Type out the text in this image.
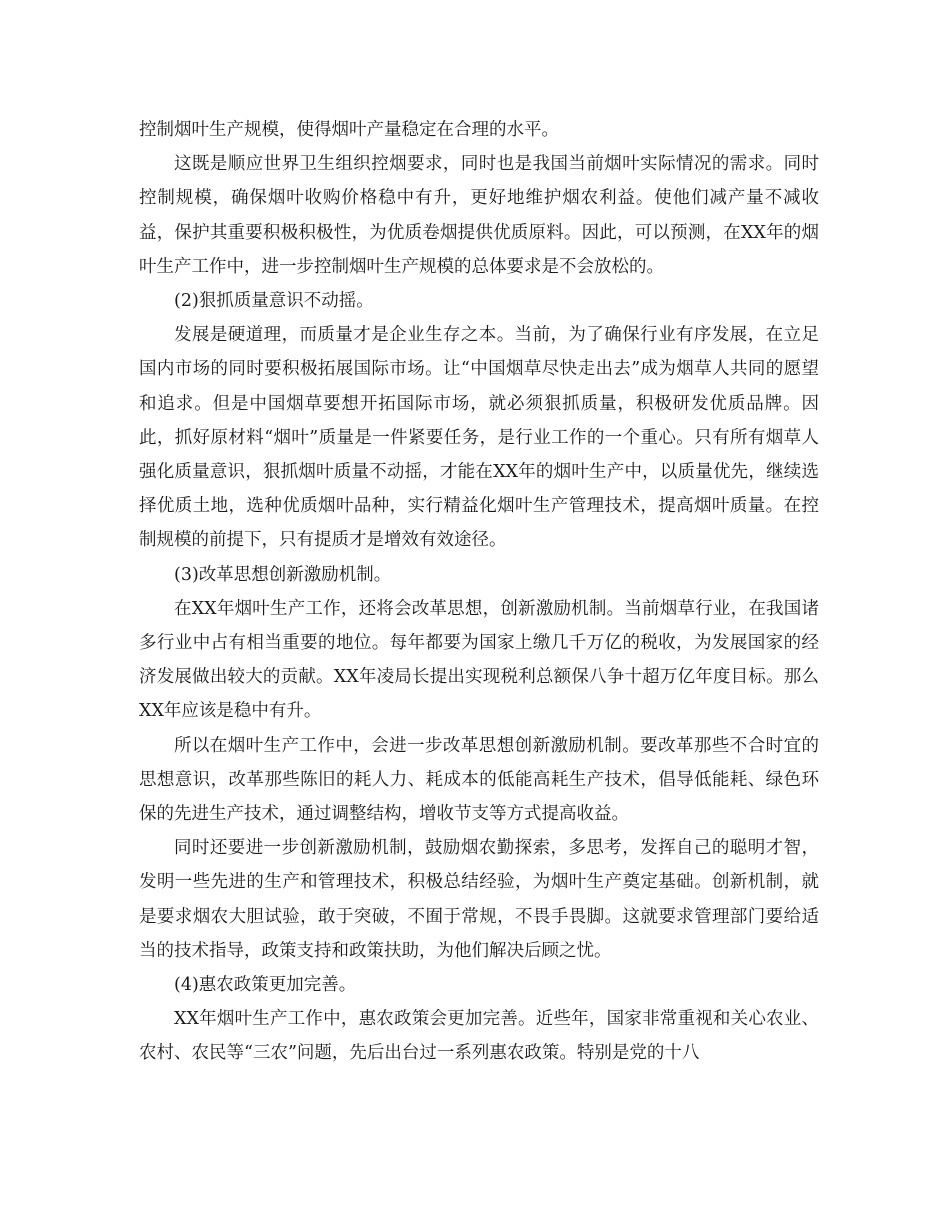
控制烟叶生产规模，使得烟叶产量稳定在合理的水平。

这既是顺应世界卫生组织控烟要求，同时也是我国当前烟叶实际情况的需求。同时控制规模，确保烟叶收购价格稳中有升，更好地维护烟农利益。使他们减产量不减收益，保护其重要积极积极性，为优质卷烟提供优质原料。因此，可以预测，在XX年的烟叶生产工作中，进一步控制烟叶生产规模的总体要求是不会放松的。

(2)狠抓质量意识不动摇。

发展是硬道理，而质量才是企业生存之本。当前，为了确保行业有序发展，在立足国内市场的同时要积极拓展国际市场。让“中国烟草尽快走出去”成为烟草人共同的愿望和追求。但是中国烟草要想开拓国际市场，就必须狠抓质量，积极研发优质品牌。因此，抓好原材料“烟叶”质量是一件紧要任务，是行业工作的一个重心。只有所有烟草人强化质量意识，狠抓烟叶质量不动摇，才能在XX年的烟叶生产中，以质量优先，继续选择优质土地，选种优质烟叶品种，实行精益化烟叶生产管理技术，提高烟叶质量。在控制规模的前提下，只有提质才是增效有效途径。

(3)改革思想创新激励机制。

在XX年烟叶生产工作，还将会改革思想，创新激励机制。当前烟草行业，在我国诸多行业中占有相当重要的地位。每年都要为国家上缴几千万亿的税收，为发展国家的经济发展做出较大的贡献。XX年凌局长提出实现税利总额保八争十超万亿年度目标。那么XX年应该是稳中有升。

所以在烟叶生产工作中，会进一步改革思想创新激励机制。要改革那些不合时宜的思想意识，改革那些陈旧的耗人力、耗成本的低能高耗生产技术，倡导低能耗、绿色环保的先进生产技术，通过调整结构，增收节支等方式提高收益。

同时还要进一步创新激励机制，鼓励烟农勤探索，多思考，发挥自己的聪明才智，发明一些先进的生产和管理技术，积极总结经验，为烟叶生产奠定基础。创新机制，就是要求烟农大胆试验，敢于突破，不囿于常规，不畏手畏脚。这就要求管理部门要给适当的技术指导，政策支持和政策扶助，为他们解决后顾之忧。

(4)惠农政策更加完善。

XX年烟叶生产工作中，惠农政策会更加完善。近些年，国家非常重视和关心农业、农村、农民等“三农”问题，先后出台过一系列惠农政策。特别是党的十八
